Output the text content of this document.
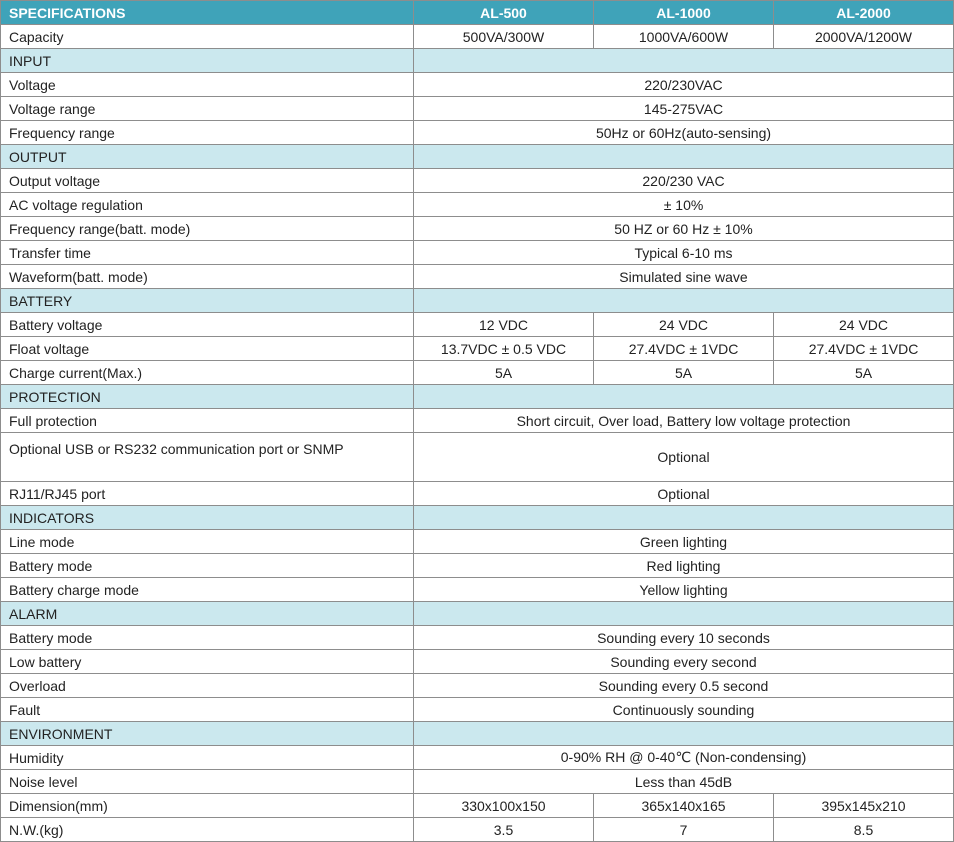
SPECIFICATIONS	AL-500	AL-1000	AL-2000
Capacity	500VA/300W	1000VA/600W	2000VA/1200W
INPUT			
Voltage	220/230VAC		
Voltage range	145-275VAC		
Frequency range	50Hz or 60Hz(auto-sensing)		
OUTPUT			
Output voltage	220/230 VAC		
AC voltage regulation	± 10%		
Frequency range(batt. mode)	50 HZ or 60 Hz ± 10%		
Transfer time	Typical 6-10 ms		
Waveform(batt. mode)	Simulated sine wave		
BATTERY			
Battery voltage	12 VDC	24 VDC	24 VDC
Float voltage	13.7VDC ± 0.5 VDC	27.4VDC ± 1VDC	27.4VDC ± 1VDC
Charge current(Max.)	5A	5A	5A
PROTECTION			
Full protection	Short circuit, Over load, Battery low voltage protection		
Optional USB or RS232 communication port or SNMP	Optional		
RJ11/RJ45 port	Optional		
INDICATORS			
Line mode	Green lighting		
Battery mode	Red lighting		
Battery charge mode	Yellow lighting		
ALARM			
Battery mode	Sounding every 10 seconds		
Low battery	Sounding every second		
Overload	Sounding every 0.5 second		
Fault	Continuously sounding		
ENVIRONMENT			
Humidity	0-90% RH @ 0-40℃ (Non-condensing)		
Noise level	Less than 45dB		
Dimension(mm)	330x100x150	365x140x165	395x145x210
N.W.(kg)	3.5	7	8.5
